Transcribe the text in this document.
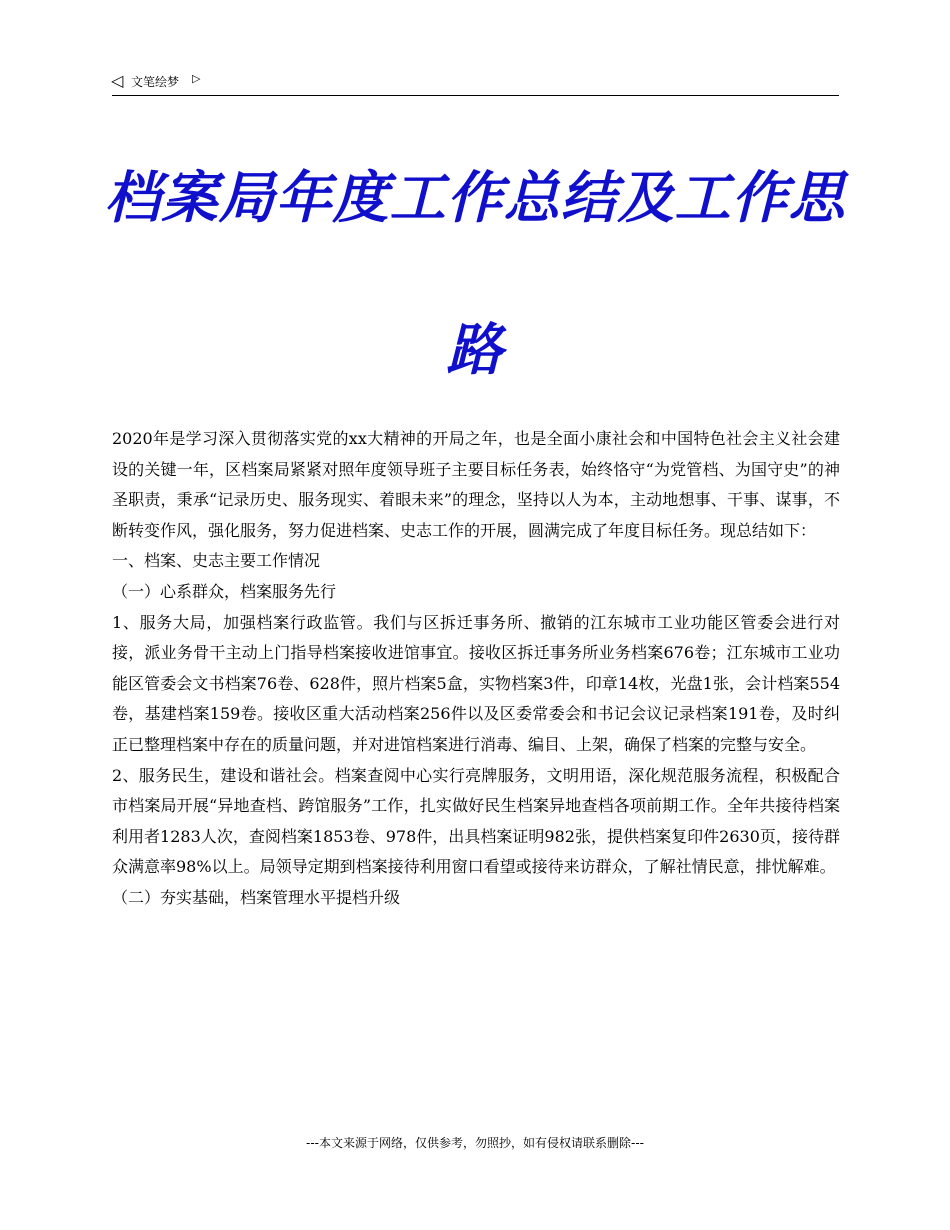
◁ 文笔绘梦 ▷
档案局年度工作总结及工作思路

2020年是学习深入贯彻落实党的xx大精神的开局之年，也是全面小康社会和中国特色社会主义社会建设的关键一年，区档案局紧紧对照年度领导班子主要目标任务表，始终恪守“为党管档、为国守史”的神圣职责，秉承“记录历史、服务现实、着眼未来”的理念，坚持以人为本，主动地想事、干事、谋事，不断转变作风，强化服务，努力促进档案、史志工作的开展，圆满完成了年度目标任务。现总结如下：

一、档案、史志主要工作情况

（一）心系群众，档案服务先行

1、服务大局，加强档案行政监管。我们与区拆迁事务所、撤销的江东城市工业功能区管委会进行对接，派业务骨干主动上门指导档案接收进馆事宜。接收区拆迁事务所业务档案676卷；江东城市工业功能区管委会文书档案76卷、628件，照片档案5盒，实物档案3件，印章14枚，光盘1张，会计档案554卷，基建档案159卷。接收区重大活动档案256件以及区委常委会和书记会议记录档案191卷，及时纠正已整理档案中存在的质量问题，并对进馆档案进行消毒、编目、上架，确保了档案的完整与安全。

2、服务民生，建设和谐社会。档案查阅中心实行亮牌服务，文明用语，深化规范服务流程，积极配合市档案局开展“异地查档、跨馆服务”工作，扎实做好民生档案异地查档各项前期工作。全年共接待档案利用者1283人次，查阅档案1853卷、978件，出具档案证明982张，提供档案复印件2630页，接待群众满意率98%以上。局领导定期到档案接待利用窗口看望或接待来访群众，了解社情民意，排忧解难。

（二）夯实基础，档案管理水平提档升级

---本文来源于网络，仅供参考，勿照抄，如有侵权请联系删除---
